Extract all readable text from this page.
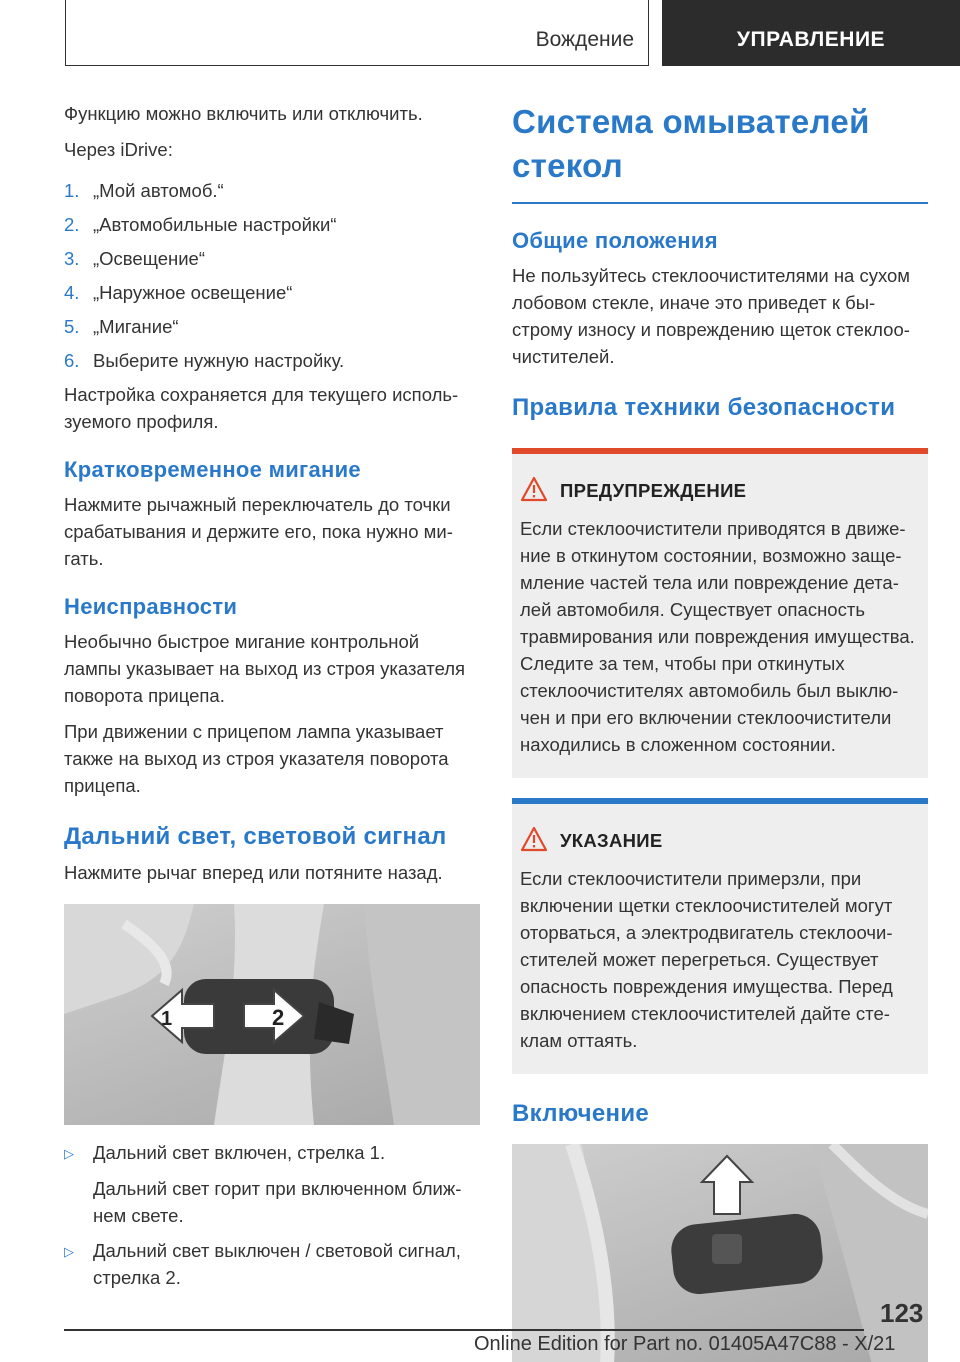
Вождение	УПРАВЛЕНИЕ

Функцию можно включить или отключить.

Через iDrive:

1. „Мой автомоб.“
2. „Автомобильные настройки“
3. „Освещение“
4. „Наружное освещение“
5. „Мигание“
6. Выберите нужную настройку.

Настройка сохраняется для текущего используемого профиля.

Кратковременное мигание

Нажмите рычажный переключатель до точки срабатывания и держите его, пока нужно мигать.

Неисправности

Необычно быстрое мигание контрольной лампы указывает на выход из строя указателя поворота прицепа.

При движении с прицепом лампа указывает также на выход из строя указателя поворота прицепа.

Дальний свет, световой сигнал

Нажмите рычаг вперед или потяните назад.

1	2
▷	Дальний свет включен, стрелка 1.

Дальний свет горит при включенном ближнем свете.

▷	Дальний свет выключен / световой сигнал, стрелка 2.
Система омывателей стекол
Общие положения

Не пользуйтесь стеклоочистителями на сухом лобовом стекле, иначе это приведет к быстрому износу и повреждению щеток стеклоочистителей.

Правила техники безопасности
ПРЕДУПРЕЖДЕНИЕ

Если стеклоочистители приводятся в движение в откинутом состоянии, возможно защемление частей тела или повреждение деталей автомобиля. Существует опасность травмирования или повреждения имущества. Следите за тем, чтобы при откинутых стеклоочистителях автомобиль был выключен и при его включении стеклоочистители находились в сложенном состоянии.

УКАЗАНИЕ

Если стеклоочистители примерзли, при включении щетки стеклоочистителей могут оторваться, а электродвигатель стеклоочистителей может перегреться. Существует опасность повреждения имущества. Перед включением стеклоочистителей дайте стеклам оттаять.

Включение
123
Online Edition for Part no. 01405A47C88 - X/21
